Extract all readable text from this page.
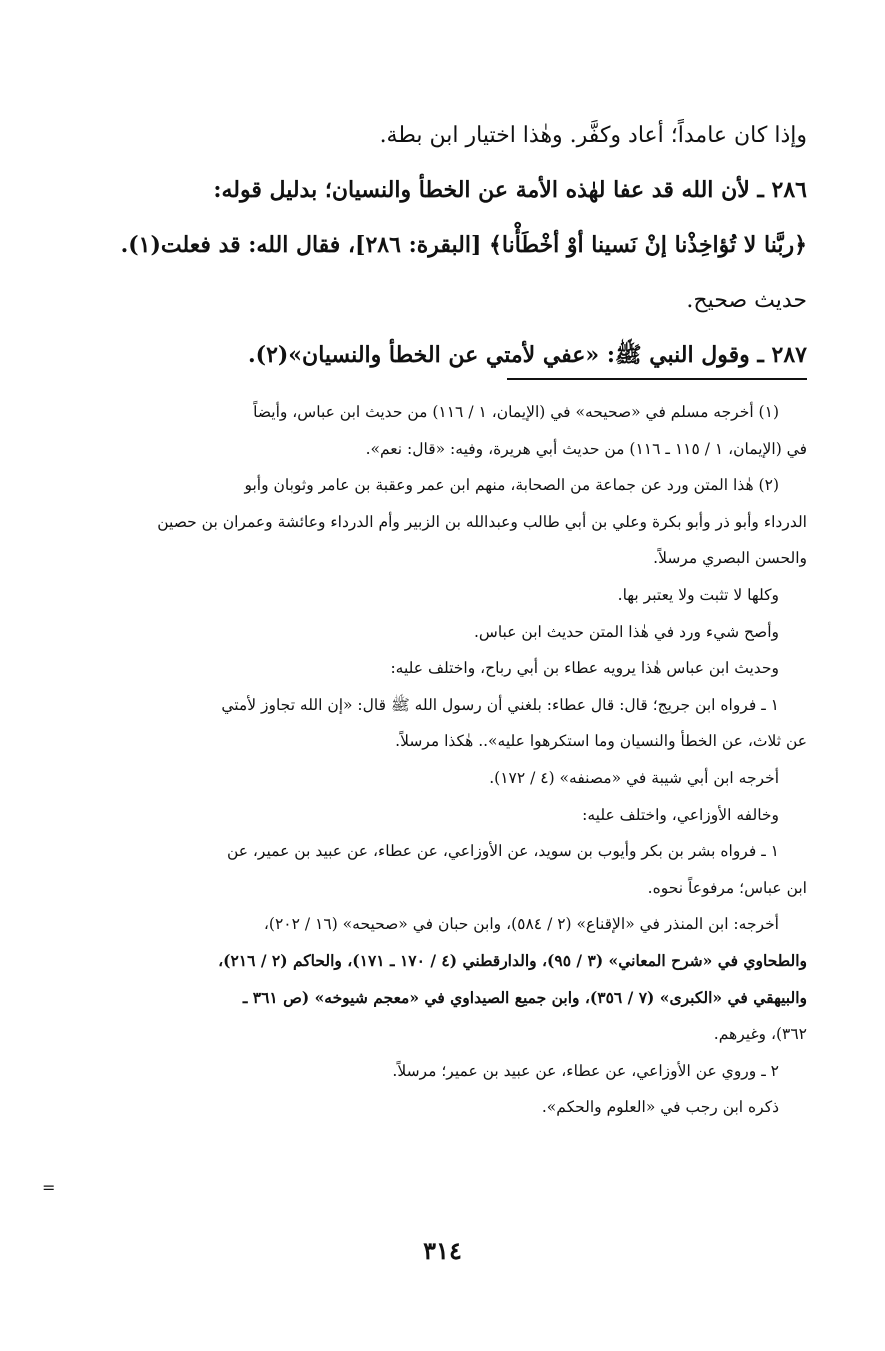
وإذا كان عامداً؛ أعاد وكفَّر. وهٰذا اختيار ابن بطة.
٢٨٦ ـ لأن الله قد عفا لهٰذه الأمة عن الخطأ والنسيان؛ بدليل قوله:
﴿ربَّنا لا تُؤاخِذْنا إنْ نَسينا أوْ أخْطَأْنا﴾ [البقرة: ٢٨٦]، فقال الله: قد فعلت(١).
حديث صحيح.
٢٨٧ ـ وقول النبي ﷺ: «عفي لأمتي عن الخطأ والنسيان»(٢).
(١) أخرجه مسلم في «صحيحه» في (الإيمان، ١ / ١١٦) من حديث ابن عباس، وأيضاً
في (الإيمان، ١ / ١١٥ ـ ١١٦) من حديث أبي هريرة، وفيه: «قال: نعم».
(٢) هٰذا المتن ورد عن جماعة من الصحابة، منهم ابن عمر وعقبة بن عامر وثوبان وأبو
الدرداء وأبو ذر وأبو بكرة وعلي بن أبي طالب وعبدالله بن الزبير وأم الدرداء وعائشة وعمران بن حصين
والحسن البصري مرسلاً.
وكلها لا تثبت ولا يعتبر بها.
وأصح شيء ورد في هٰذا المتن حديث ابن عباس.
وحديث ابن عباس هٰذا يرويه عطاء بن أبي رباح، واختلف عليه:
١ ـ فرواه ابن جريج؛ قال: قال عطاء: بلغني أن رسول الله ﷺ قال: «إن الله تجاوز لأمتي
عن ثلاث، عن الخطأ والنسيان وما استكرهوا عليه».. هٰكذا مرسلاً.
أخرجه ابن أبي شيبة في «مصنفه» (٤ / ١٧٢).
وخالفه الأوزاعي، واختلف عليه:
١ ـ فرواه بشر بن بكر وأيوب بن سويد، عن الأوزاعي، عن عطاء، عن عبيد بن عمير، عن
ابن عباس؛ مرفوعاً نحوه.
أخرجه: ابن المنذر في «الإقناع» (٢ / ٥٨٤)، وابن حبان في «صحيحه» (١٦ / ٢٠٢)،
والطحاوي في «شرح المعاني» (٣ / ٩٥)، والدارقطني (٤ / ١٧٠ ـ ١٧١)، والحاكم (٢ / ٢١٦)،
والبيهقي في «الكبرى» (٧ / ٣٥٦)، وابن جميع الصيداوي في «معجم شيوخه» (ص ٣٦١ ـ
٣٦٢)، وغيرهم.
٢ ـ وروي عن الأوزاعي، عن عطاء، عن عبيد بن عمير؛ مرسلاً.
ذكره ابن رجب في «العلوم والحكم».
=
٣١٤
